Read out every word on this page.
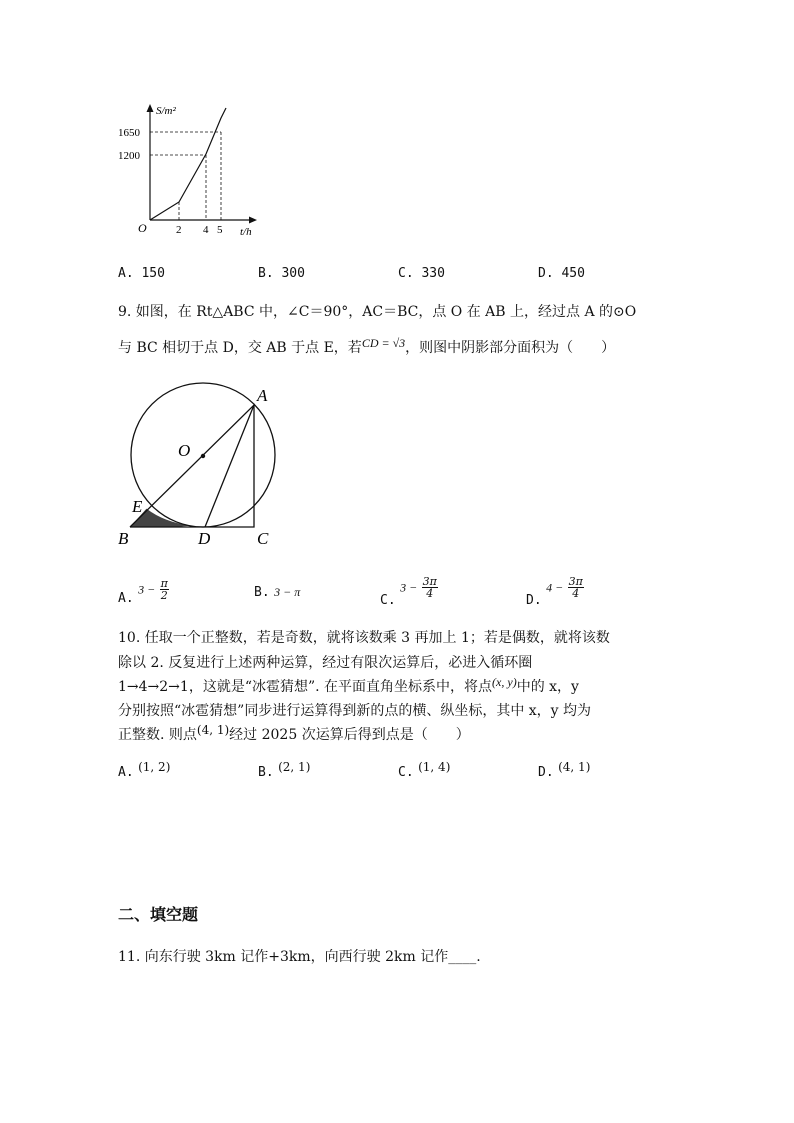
S/m²
t/h
O
1650
1200
2 4 5
A. 150	B. 300	C. 330	D. 450
9. 如图，在 Rt△ABC 中，∠C＝90°，AC＝BC，点 O 在 AB 上，经过点 A 的⊙O
与 BC 相切于点 D，交 AB 于点 E，若CD = √3，则图中阴影部分面积为（　　）
A
O
E
B	D	C
A. $3 - \frac{\pi}{2}$	B. 3 − π
C. $3 - \frac{3\pi}{4}$
D. $4 - \frac{3\pi}{4}$
10. 任取一个正整数，若是奇数，就将该数乘 3 再加上 1；若是偶数，就将该数
除以 2. 反复进行上述两种运算，经过有限次运算后，必进入循环圈
1→4→2→1，这就是“冰雹猜想”. 在平面直角坐标系中，将点(x, y)中的 x，y
分别按照“冰雹猜想”同步进行运算得到新的点的横、纵坐标，其中 x，y 均为
正整数. 则点(4, 1)经过 2025 次运算后得到点是（　　）
A. (1, 2)	B. (2, 1)	C. (1, 4)	D. (4, 1)
二、填空题
11. 向东行驶 3km 记作+3km，向西行驶 2km 记作____.
